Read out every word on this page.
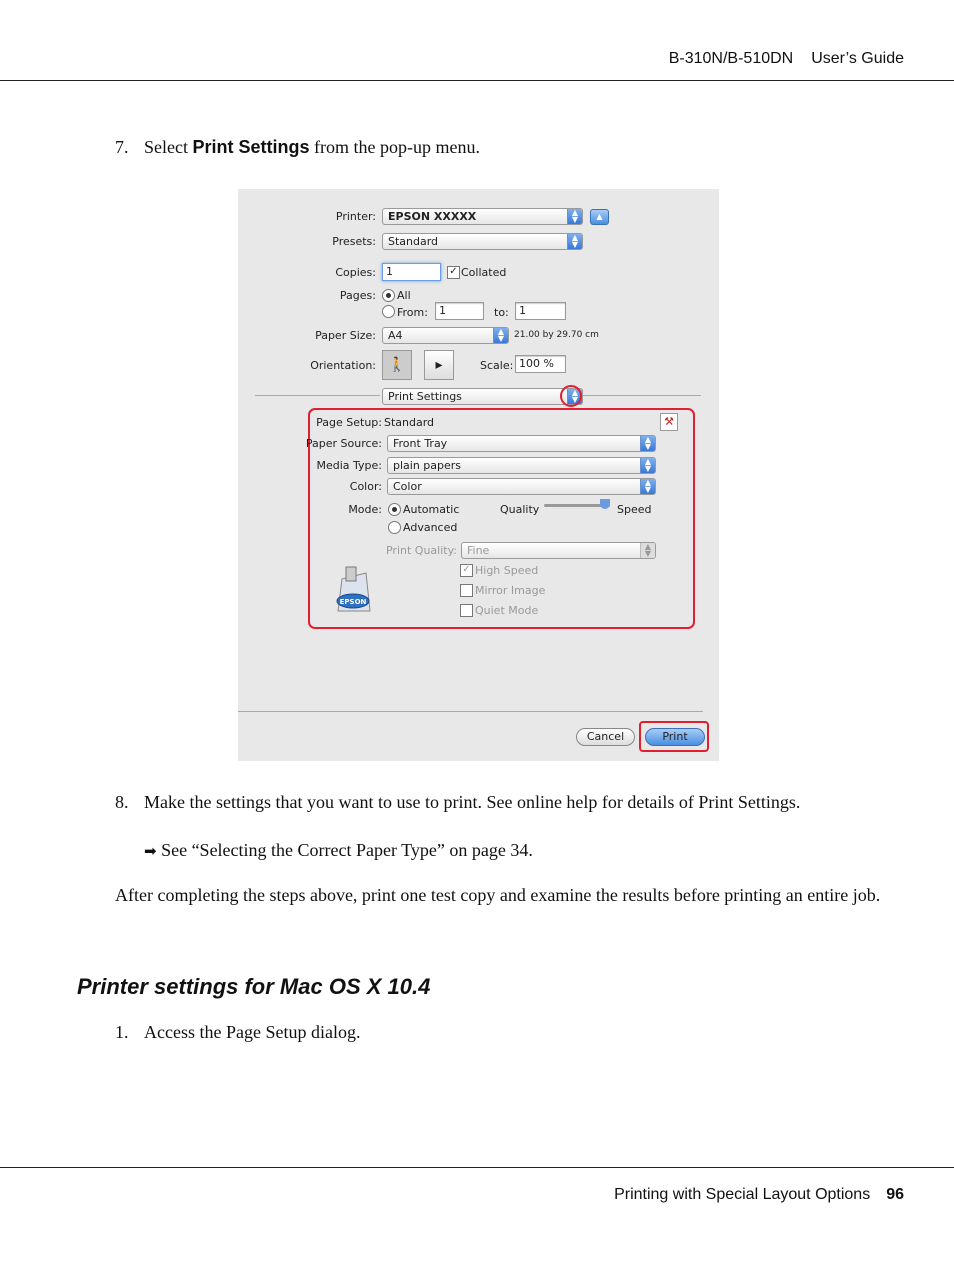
B-310N/B-510DN User’s Guide
7. Select Print Settings from the pop-up menu.
Printer:	EPSON XXXXX	▲
▼	▲
Presets:	Standard	▲
▼
Copies: 1	✓ Collated
Pages: All
From:	1	to: 1
Paper Size:	A4	▲
▼	21.00 by 29.70 cm
Orientation: 🚶	▸	Scale: 100 %
Print Settings	▲
▼
Page Setup: Standard	⚒
Paper Source:	Front Tray	▲
▼
Media Type:	plain papers	▲
▼
Color:	Color	▲
▼
Mode: Automatic
Advanced
Quality	Speed
Print Quality: Fine	▲
▼
✓ High Speed
Mirror Image
Quiet Mode
EPSON
Cancel	Print
8. Make the settings that you want to use to print. See online help for details of Print Settings.
➡ See “Selecting the Correct Paper Type” on page 34.
After completing the steps above, print one test copy and examine the results before printing an entire job.
Printer settings for Mac OS X 10.4
1. Access the Page Setup dialog.
Printing with Special Layout Options 96
